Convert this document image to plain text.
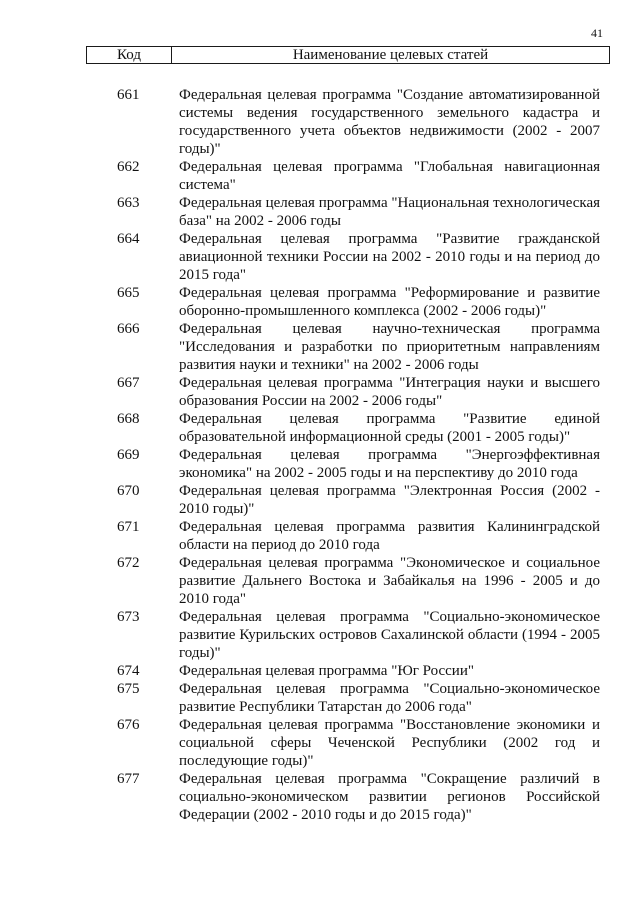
41
Код	Наименование целевых статей
661	Федеральная целевая программа "Создание автоматизированной системы ведения государственного земельного кадастра и государственного учета объектов недвижимости (2002 - 2007 годы)"
662	Федеральная целевая программа "Глобальная навигационная система"
663	Федеральная целевая программа "Национальная технологическая база" на 2002 - 2006 годы
664	Федеральная целевая программа "Развитие гражданской авиационной техники России на 2002 - 2010 годы и на период до 2015 года"
665	Федеральная целевая программа "Реформирование и развитие оборонно-промышленного комплекса (2002 - 2006 годы)"
666	Федеральная целевая научно-техническая программа "Исследования и разработки по приоритетным направлениям развития науки и техники" на 2002 - 2006 годы
667	Федеральная целевая программа "Интеграция науки и высшего образования России на 2002 - 2006 годы"
668	Федеральная целевая программа "Развитие единой образовательной информационной среды (2001 - 2005 годы)"
669	Федеральная целевая программа "Энергоэффективная экономика" на 2002 - 2005 годы и на перспективу до 2010 года
670	Федеральная целевая программа "Электронная Россия (2002 - 2010 годы)"
671	Федеральная целевая программа развития Калининградской области на период до 2010 года
672	Федеральная целевая программа "Экономическое и социальное развитие Дальнего Востока и Забайкалья на 1996 - 2005 и до 2010 года"
673	Федеральная целевая программа "Социально-экономическое развитие Курильских островов Сахалинской области (1994 - 2005 годы)"
674	Федеральная целевая программа "Юг России"
675	Федеральная целевая программа "Социально-экономическое развитие Республики Татарстан до 2006 года"
676	Федеральная целевая программа "Восстановление экономики и социальной сферы Чеченской Республики (2002 год и последующие годы)"
677	Федеральная целевая программа "Сокращение различий в социально-экономическом развитии регионов Российской Федерации (2002 - 2010 годы и до 2015 года)"
